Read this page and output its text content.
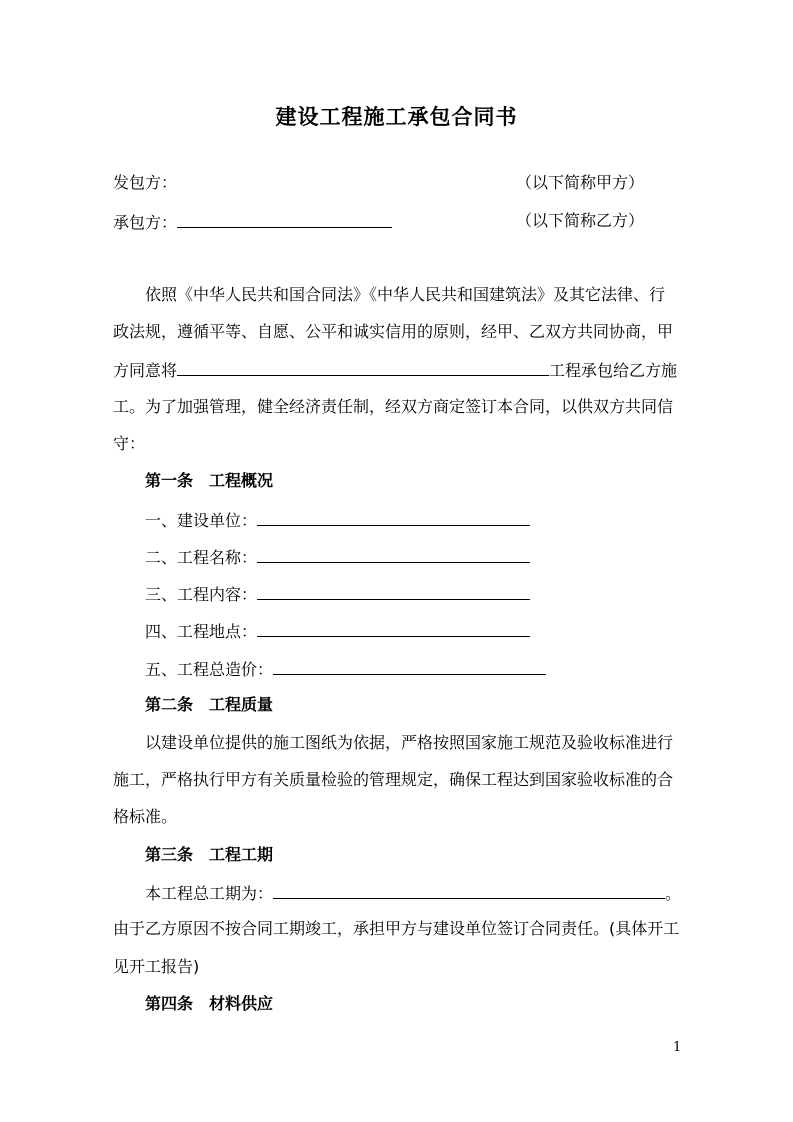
建设工程施工承包合同书
发包方：	（以下简称甲方）
承包方：	（以下简称乙方）
依照《中华人民共和国合同法》《中华人民共和国建筑法》及其它法律、行
政法规，遵循平等、自愿、公平和诚实信用的原则，经甲、乙双方共同协商，甲
方同意将	工程承包给乙方施
工。为了加强管理，健全经济责任制，经双方商定签订本合同，以供双方共同信
守：
第一条　工程概况
一、建设单位：
二、工程名称：
三、工程内容：
四、工程地点：
五、工程总造价：
第二条　工程质量
以建设单位提供的施工图纸为依据，严格按照国家施工规范及验收标准进行
施工，严格执行甲方有关质量检验的管理规定，确保工程达到国家验收标准的合
格标准。
第三条　工程工期
本工程总工期为：	。
由于乙方原因不按合同工期竣工，承担甲方与建设单位签订合同责任。(具体开工
见开工报告)
第四条　材料供应
1
